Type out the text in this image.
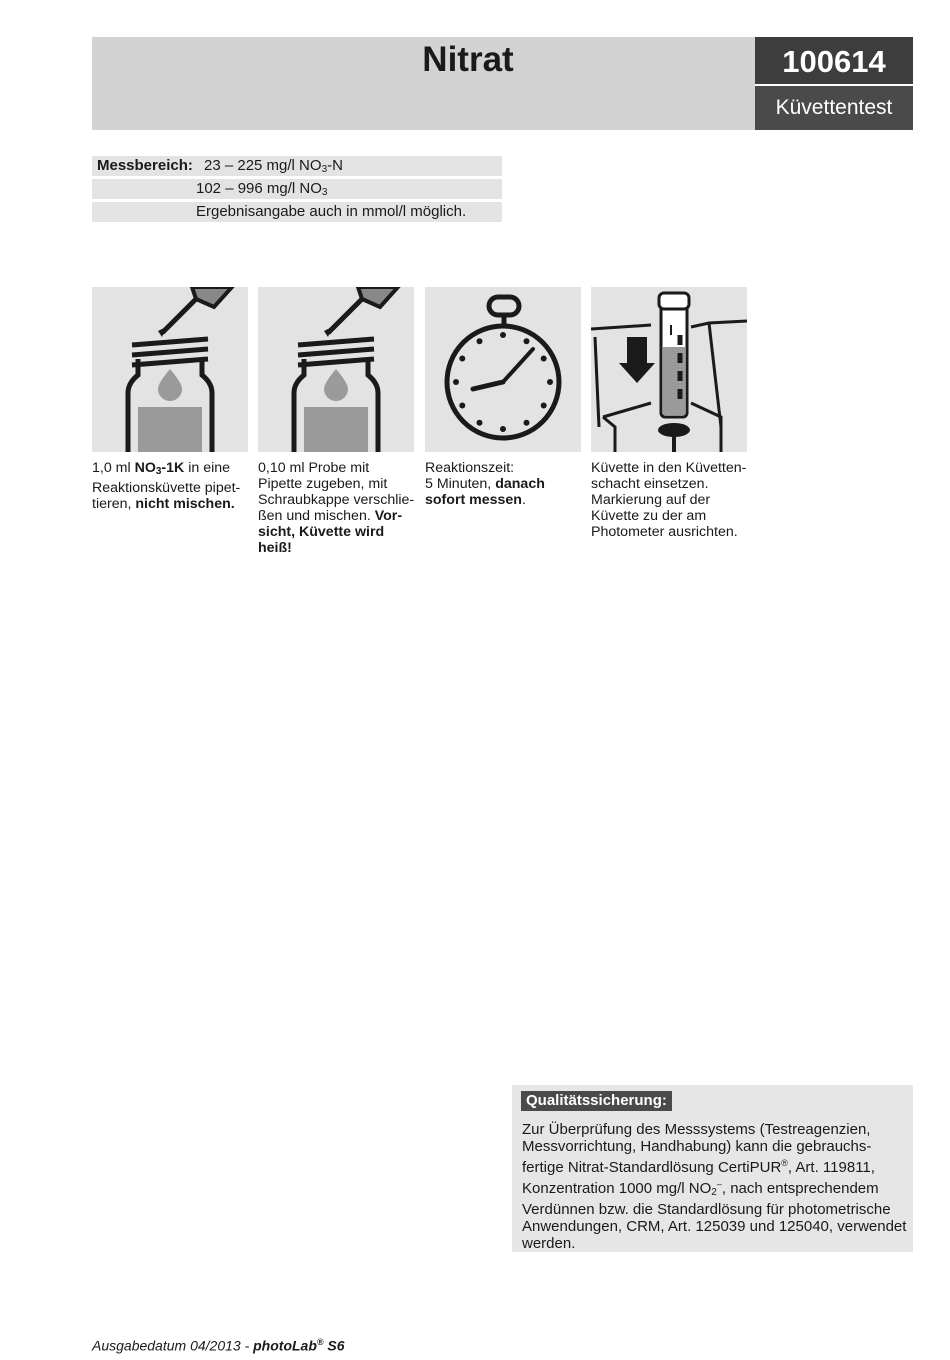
Nitrat	100614
Küvettentest
Messbereich: 23 – 225 mg/l $NO_3-N$
102 – 996 mg/l $NO_3$
Ergebnisangabe auch in mmol/l möglich.
1,0 ml $NO_3-1K$ in eine Reaktionsküvette pipet-tieren, nicht mischen.
0,10 ml Probe mit Pipette zugeben, mit Schraubkappe verschlie-ßen und mischen. Vor-sicht, Küvette wird heiß!
Reaktionszeit:
5 Minuten, danach sofort messen.
Küvette in den Küvetten-schacht einsetzen. Markierung auf der Küvette zu der am Photometer ausrichten.
Qualitätssicherung:
Zur Überprüfung des Messsystems (Testreagenzien, Messvorrichtung, Handhabung) kann die gebrauchs-fertige Nitrat-Standardlösung CertiPUR®, Art. 119811, Konzentration 1000 mg/l $NO_2^-$, nach entsprechendem Verdünnen bzw. die Standardlösung für photometrische Anwendungen, CRM, Art. 125039 und 125040, verwendet werden.
Ausgabedatum 04/2013 - photoLab® S6
